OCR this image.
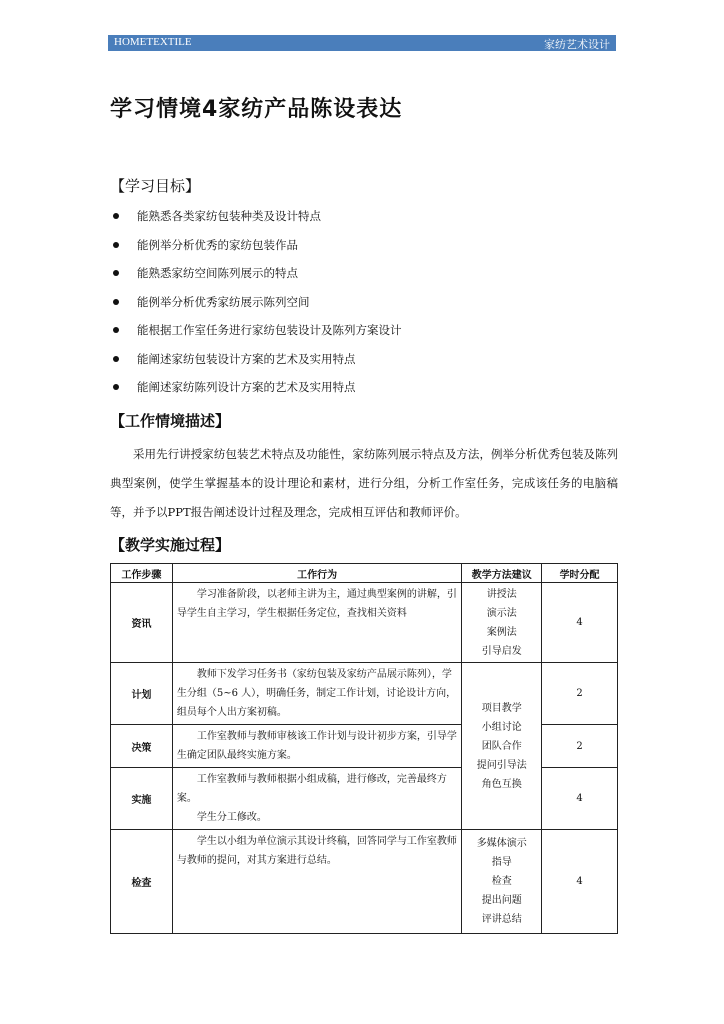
HOMETEXTILE	家纺艺术设计
学习情境4家纺产品陈设表达
【学习目标】
能熟悉各类家纺包装种类及设计特点
能例举分析优秀的家纺包装作品
能熟悉家纺空间陈列展示的特点
能例举分析优秀家纺展示陈列空间
能根据工作室任务进行家纺包装设计及陈列方案设计
能阐述家纺包装设计方案的艺术及实用特点
能阐述家纺陈列设计方案的艺术及实用特点
【工作情境描述】

采用先行讲授家纺包装艺术特点及功能性，家纺陈列展示特点及方法，例举分析优秀包装及陈列典型案例，使学生掌握基本的设计理论和素材，进行分组，分析工作室任务，完成该任务的电脑稿等，并予以PPT报告阐述设计过程及理念，完成相互评估和教师评价。

【教学实施过程】
工作步骤	工作行为	教学方法建议	学时分配
资讯	学习准备阶段，以老师主讲为主，通过典型案例的讲解，引导学生自主学习，学生根据任务定位，查找相关资料	讲授法
演示法
案例法
引导启发	4
计划	教师下发学习任务书（家纺包装及家纺产品展示陈列），学生分组（5~6 人），明确任务，制定工作计划，讨论设计方向，组员每个人出方案初稿。	项目教学
小组讨论
团队合作
提问引导法
角色互换	2
决策	工作室教师与教师审核该工作计划与设计初步方案，引导学生确定团队最终实施方案。		2
实施	工作室教师与教师根据小组成稿，进行修改，完善最终方案。

学生分工修改。		4
检查	学生以小组为单位演示其设计终稿，回答同学与工作室教师与教师的提问，对其方案进行总结。	多媒体演示
指导
检查
提出问题
评讲总结	4
